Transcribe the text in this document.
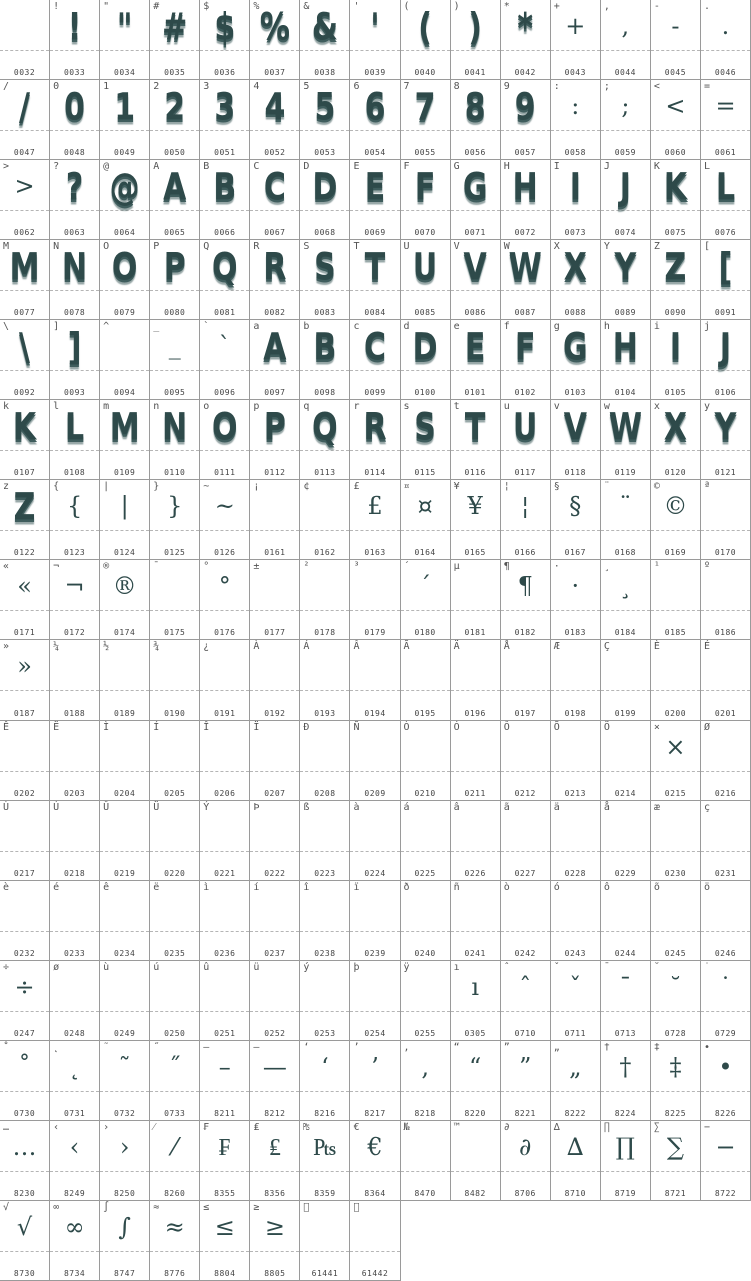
0032
! !
0033
" "
0034
# #
0035
$ $
0036
% %
0037
& &
0038
' '
0039
( (
0040
) )
0041
* *
0042
+
+
0043
,
,
0044
-
-
0045
.
.
0046
/ /
0047
0 0
0048
1 1
0049
2 2
0050
3 3
0051
4 4
0052
5 5
0053
6 6
0054
7 7
0055
8 8
0056
9 9
0057
:
:
0058
;
;
0059
<
<
0060
=
=
0061
>
>
0062
? ?
0063
@ @
0064
A A
0065
B B
0066
C C
0067
D D
0068
E E
0069
F F
0070
G G
0071
H H
0072
I I
0073
J J
0074
K K
0075
L L
0076
M M
0077
N N
0078
O O
0079
P P
0080
Q Q
0081
R R
0082
S S
0083
T T
0084
U U
0085
V V
0086
W
W
0087
X X
0088
Y Y
0089
Z Z
0090
[ [
0091
\ \
0092
] ]
0093
^
0094
_
_
0095
`
`
0096
a A
0097
b B
0098
c C
0099
d D
0100
e E
0101
f F
0102
g G
0103
h H
0104
i I
0105
j J
0106
k K
0107
l L
0108
m M
0109
n N
0110
o O
0111
p P
0112
q Q
0113
r R
0114
s S
0115
t T
0116
u U
0117
v V
0118
w
W
0119
x X
0120
y Y
0121
z Z
0122
{
{
0123
|
|
0124
}
}
0125
~
~
0126
¡
0161
¢
0162
£
£
0163
¤
¤
0164
¥
¥
0165
¦
¦
0166
§
§
0167
¨
¨
0168
©
©
0169
ª
0170
«
«
0171
¬
¬
0172
®
®
0174
¯
0175
°
°
0176
±
0177
²
0178
³
0179
´
´
0180
µ
0181
¶
¶
0182
·
·
0183
¸
¸
0184
¹
0185
º
0186
»
»
0187
¼
0188
½
0189
¾
0190
¿
0191
À
0192
Á
0193
Â
0194
Ã
0195
Ä
0196
Å
0197
Æ
0198
Ç
0199
È
0200
É
0201
Ê
0202
Ë
0203
Ì
0204
Í
0205
Î
0206
Ï
0207
Ð
0208
Ñ
0209
Ò
0210
Ó
0211
Ô
0212
Õ
0213
Ö
0214
×
×
0215
Ø
0216
Ù
0217
Ú
0218
Û
0219
Ü
0220
Ý
0221
Þ
0222
ß
0223
à
0224
á
0225
â
0226
ã
0227
ä
0228
å
0229
æ
0230
ç
0231
è
0232
é
0233
ê
0234
ë
0235
ì
0236
í
0237
î
0238
ï
0239
ð
0240
ñ
0241
ò
0242
ó
0243
ô
0244
õ
0245
ö
0246
÷
÷
0247
ø
0248
ù
0249
ú
0250
û
0251
ü
0252
ý
0253
þ
0254
ÿ
0255
ı
ı
0305
ˆ
ˆ
0710
ˇ
ˇ
0711
ˉ
ˉ
0713
˘
˘
0728
˙
˙
0729
˚
˚
0730
˛
˛
0731
˜
˜
0732
˝
˝
0733
–
–
8211
—
—
8212
‘
‘
8216
’
’
8217
‚
‚
8218
“
“
8220
”
”
8221
„
„
8222
†
†
8224
‡
‡
8225
•
•
8226
…
…
8230
‹
‹
8249
›
›
8250
⁄
⁄
8260
₣
₣
8355
₤
₤
8356
₧
₧
8359
€
€
8364
№
8470
™
8482
∂
∂
8706
∆
∆
8710
∏
∏
8719
∑
∑
8721
−
−
8722
√
√
8730
∞
∞
8734
∫
∫
8747
≈
≈
8776
≤
≤
8804
≥
≥
8805	61441	61442
